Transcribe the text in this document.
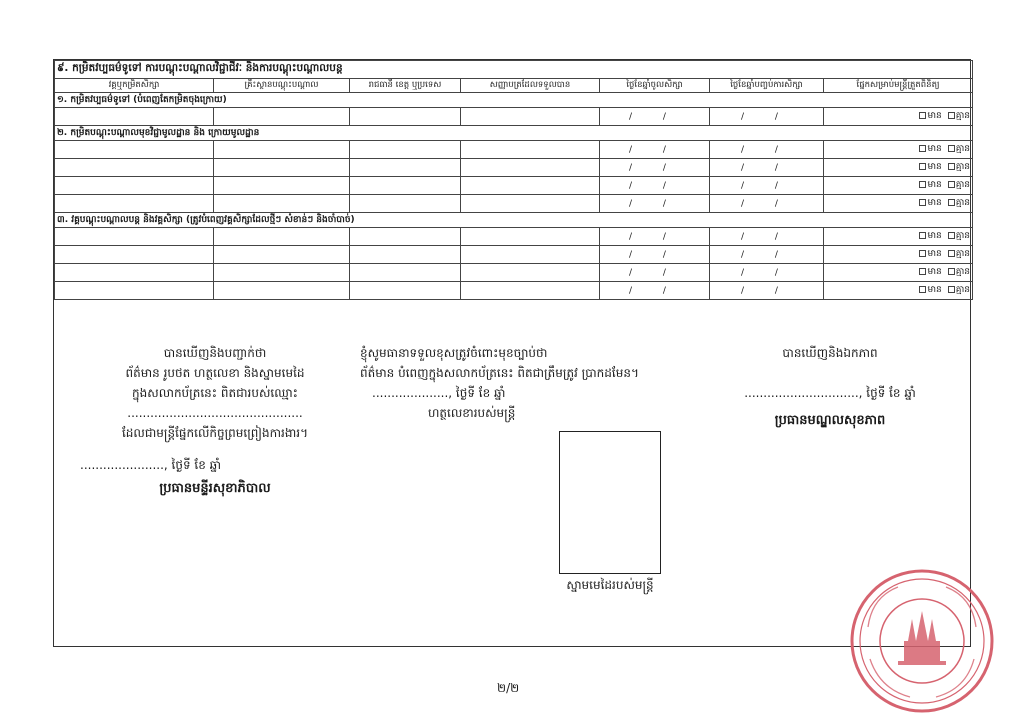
៩. កម្រិតវប្បធម៌ទូទៅ ការបណ្តុះបណ្តាលវិជ្ជាជីវៈ និងការបណ្តុះបណ្តាលបន្ត						
វគ្គឬកម្រិតសិក្សា	គ្រឹះស្ថានបណ្តុះបណ្តាល	រាជធានី ខេត្ត ឬប្រទេស	សញ្ញាបត្រដែលទទួលបាន	ថ្ងៃខែឆ្នាំចូលសិក្សា	ថ្ងៃខែឆ្នាំបញ្ចប់ការសិក្សា	ផ្នែកសម្រាប់មន្ត្រីត្រួតពិនិត្យ
១. កម្រិតវប្បធម៌ទូទៅ (បំពេញតែកម្រិតចុងក្រោយ)						
				/ /	/ /	មាន គ្មាន
២. កម្រិតបណ្តុះបណ្តាលមុខវិជ្ជាមូលដ្ឋាន និង ក្រោយមូលដ្ឋាន						
				/ /	/ /	មាន គ្មាន
				/ /	/ /	មាន គ្មាន
				/ /	/ /	មាន គ្មាន
				/ /	/ /	មាន គ្មាន
៣. វគ្គបណ្តុះបណ្តាលបន្ត និងវគ្គសិក្សា (ត្រូវបំពេញវគ្គសិក្សាដែលថ្មីៗ សំខាន់ៗ និងចាំបាច់)						
				/ /	/ /	មាន គ្មាន
				/ /	/ /	មាន គ្មាន
				/ /	/ /	មាន គ្មាន
				/ /	/ /	មាន គ្មាន
បានឃើញនិងបញ្ជាក់ថា
ព័ត៌មាន រូបថត ហត្ថលេខា និងស្នាមមេដៃ
ក្នុងសលាកប័ត្រនេះ ពិតជារបស់ឈ្មោះ
..............................................
ដែលជាមន្ត្រីផ្នែកលើកិច្ចព្រមព្រៀងការងារ។
......................, ថ្ងៃទី ខែ ឆ្នាំ
ប្រធានមន្ទីរសុខាភិបាល
ខ្ញុំសូមធានាទទួលខុសត្រូវចំពោះមុខច្បាប់ថា
ព័ត៌មាន បំពេញក្នុងសលាកប័ត្រនេះ ពិតជាត្រឹមត្រូវ ប្រាកដមែន។
...................., ថ្ងៃទី ខែ ឆ្នាំ
ហត្ថលេខារបស់មន្ត្រី
ស្នាមមេដៃរបស់មន្ត្រី
បានឃើញនិងឯកភាព
.............................., ថ្ងៃទី ខែ ឆ្នាំ
ប្រធានមណ្ឌលសុខភាព
២/២
